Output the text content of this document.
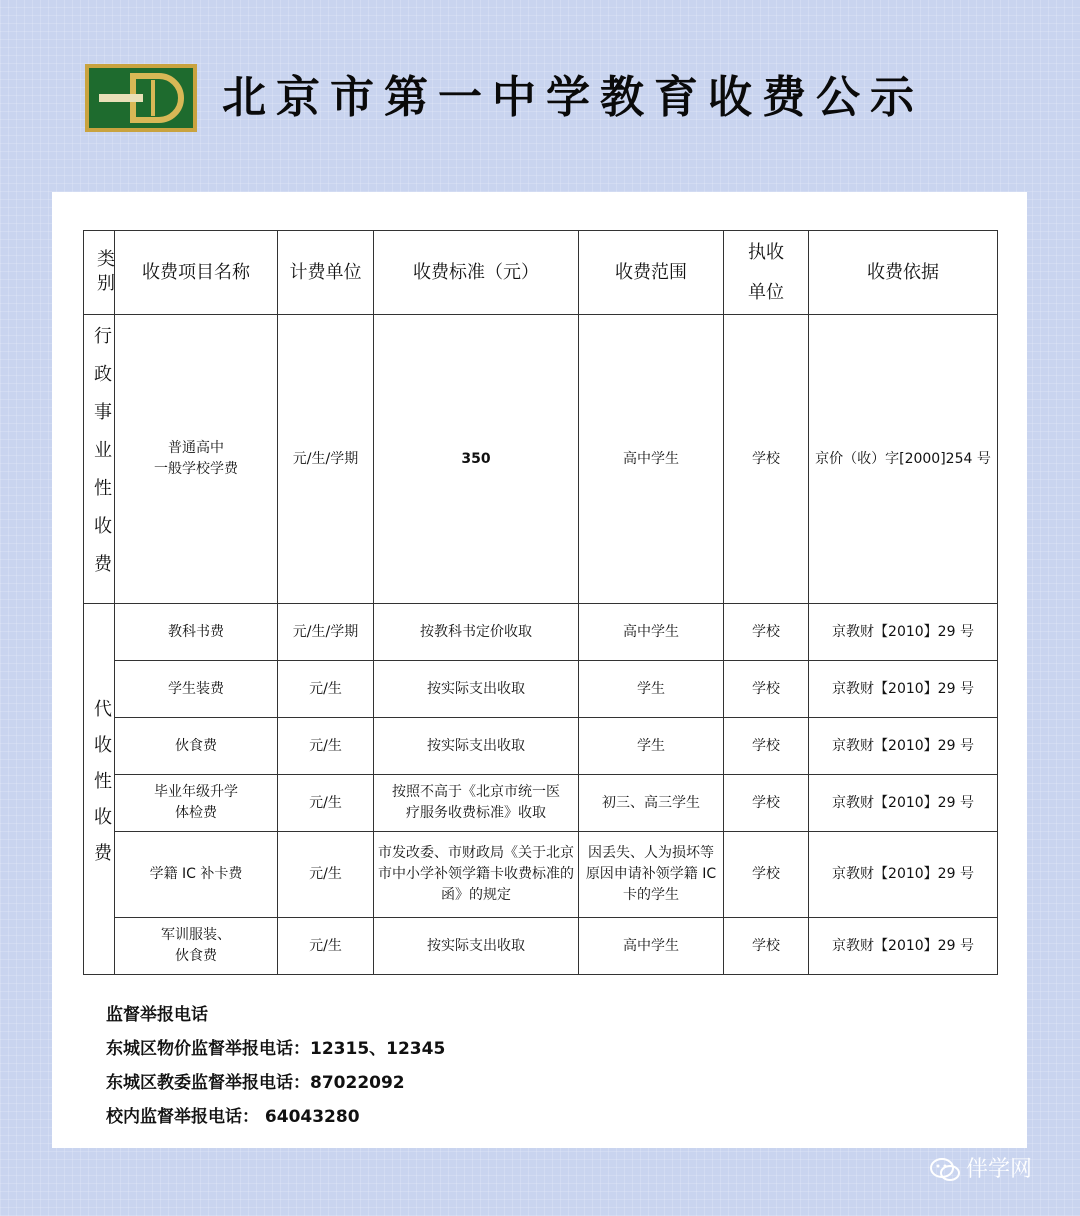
北京市第一中学教育收费公示
类别	收费项目名称	计费单位	收费标准（元）	收费范围	执收单位	收费依据

行政事业性收费	普通高中
一般学校学费	元/生/学期	350	高中学生	学校	京价（收）字[2000]254 号

代收性收费	教科书费	元/生/学期	按教科书定价收取	高中学生	学校	京教财【2010】29 号
	学生装费	元/生	按实际支出收取	学生	学校	京教财【2010】29 号
	伙食费	元/生	按实际支出收取	学生	学校	京教财【2010】29 号

	毕业年级升学体检费	元/生	按照不高于《北京市统一医疗服务收费标准》收取	初三、高三学生	学校	京教财【2010】29 号
	学籍 IC 补卡费	元/生	市发改委、市财政局《关于北京市中小学补领学籍卡收费标准的函》的规定	因丢失、人为损坏等原因申请补领学籍 IC 卡的学生	学校	京教财【2010】29 号

	军训服装、伙食费	元/生	按实际支出收取	高中学生	学校	京教财【2010】29 号
监督举报电话
东城区物价监督举报电话：12315、12345
东城区教委监督举报电话：87022092
校内监督举报电话： 64043280
伴学网
